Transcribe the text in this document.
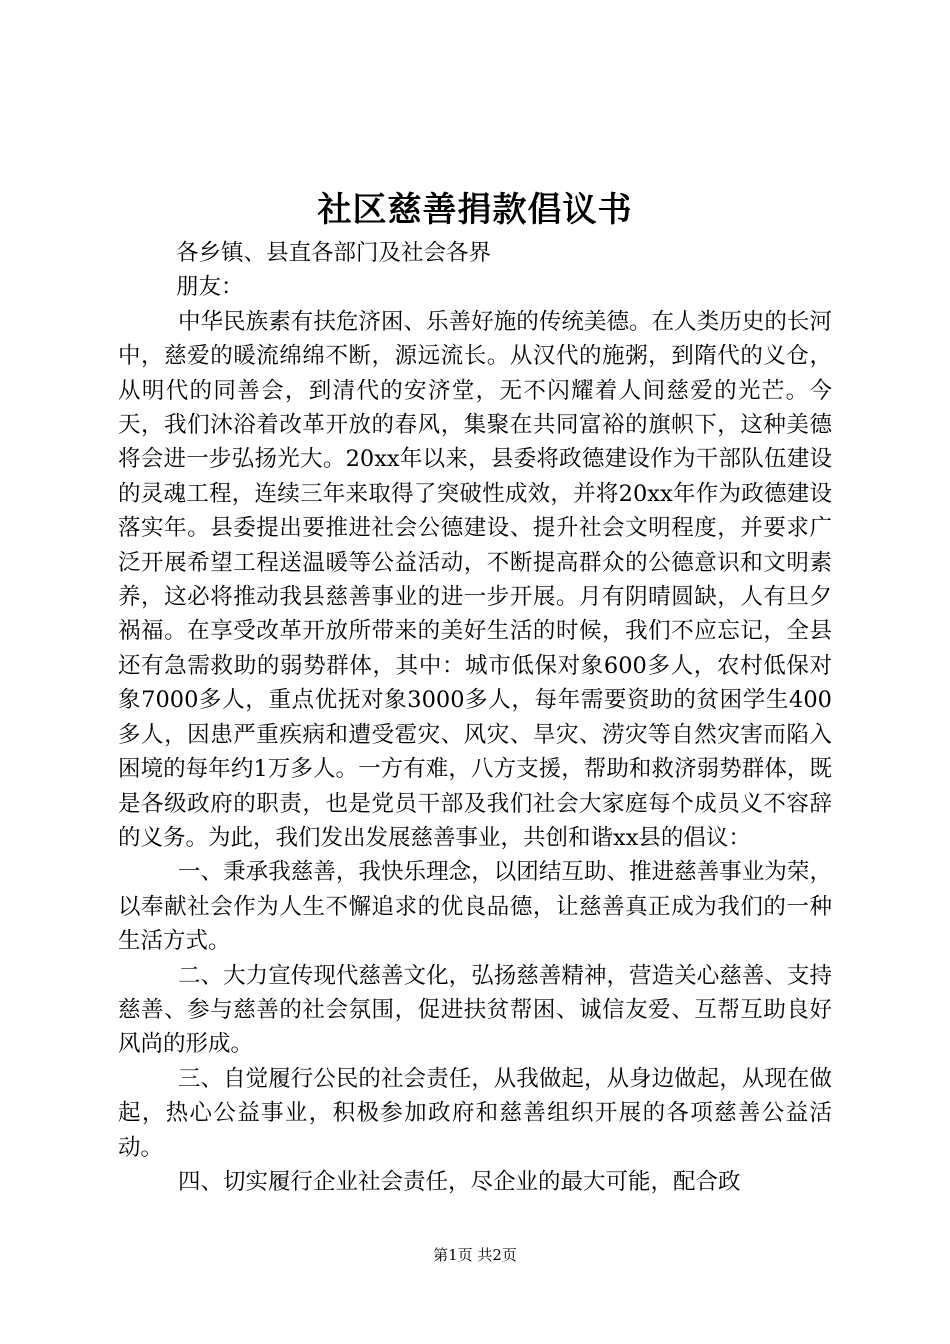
社区慈善捐款倡议书

各乡镇、县直各部门及社会各界

朋友：

中华民族素有扶危济困、乐善好施的传统美德。在人类历史的长河中，慈爱的暖流绵绵不断，源远流长。从汉代的施粥，到隋代的义仓，从明代的同善会，到清代的安济堂，无不闪耀着人间慈爱的光芒。今天，我们沐浴着改革开放的春风，集聚在共同富裕的旗帜下，这种美德将会进一步弘扬光大。20xx年以来，县委将政德建设作为干部队伍建设的灵魂工程，连续三年来取得了突破性成效，并将20xx年作为政德建设落实年。县委提出要推进社会公德建设、提升社会文明程度，并要求广泛开展希望工程送温暖等公益活动，不断提高群众的公德意识和文明素养，这必将推动我县慈善事业的进一步开展。月有阴晴圆缺，人有旦夕祸福。在享受改革开放所带来的美好生活的时候，我们不应忘记，全县还有急需救助的弱势群体，其中：城市低保对象600多人，农村低保对象7000多人，重点优抚对象3000多人，每年需要资助的贫困学生400多人，因患严重疾病和遭受雹灾、风灾、旱灾、涝灾等自然灾害而陷入困境的每年约1万多人。一方有难，八方支援，帮助和救济弱势群体，既是各级政府的职责，也是党员干部及我们社会大家庭每个成员义不容辞的义务。为此，我们发出发展慈善事业，共创和谐xx县的倡议：

一、秉承我慈善，我快乐理念，以团结互助、推进慈善事业为荣，以奉献社会作为人生不懈追求的优良品德，让慈善真正成为我们的一种生活方式。

二、大力宣传现代慈善文化，弘扬慈善精神，营造关心慈善、支持慈善、参与慈善的社会氛围，促进扶贫帮困、诚信友爱、互帮互助良好风尚的形成。

三、自觉履行公民的社会责任，从我做起，从身边做起，从现在做起，热心公益事业，积极参加政府和慈善组织开展的各项慈善公益活动。

四、切实履行企业社会责任，尽企业的最大可能，配合政

第1页 共2页
